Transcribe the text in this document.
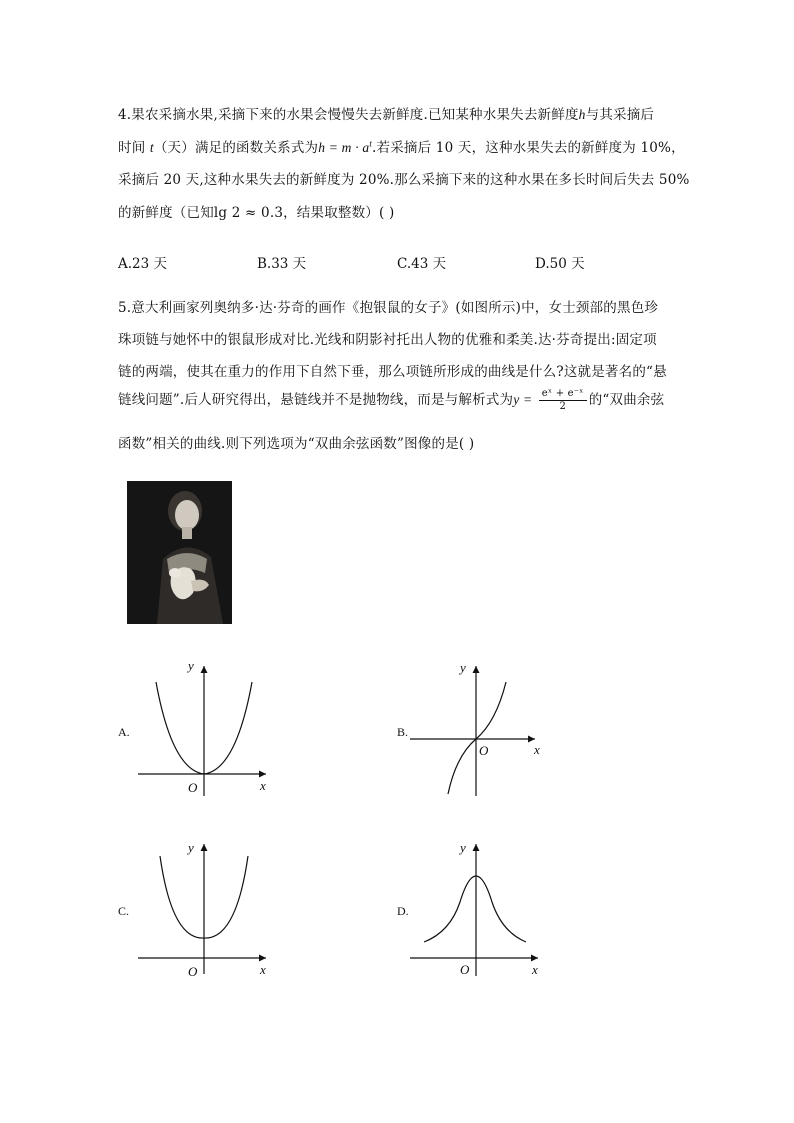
4.果农采摘水果,采摘下来的水果会慢慢失去新鲜度.已知某种水果失去新鲜度h与其采摘后
时间 t（天）满足的函数关系式为$h = m \cdot a^t$.若采摘后 10 天，这种水果失去的新鲜度为 10%，
采摘后 20 天,这种水果失去的新鲜度为 20%.那么采摘下来的这种水果在多长时间后失去 50%
的新鲜度（已知lg 2 ≈ 0.3，结果取整数）( )
A.23 天	B.33 天	C.43 天	D.50 天
5.意大利画家列奥纳多·达·芬奇的画作《抱银鼠的女子》(如图所示)中，女士颈部的黑色珍
珠项链与她怀中的银鼠形成对比.光线和阴影衬托出人物的优雅和柔美.达·芬奇提出:固定项
链的两端，使其在重力的作用下自然下垂，那么项链所形成的曲线是什么?这就是著名的“悬
链线问题”.后人研究得出，悬链线并不是抛物线，而是与解析式为$y = \frac{\text{eˣ + e⁻ˣ}}{2}$ 的“双曲余弦
函数”相关的曲线.则下列选项为“双曲余弦函数”图像的是( )
A.
y
x
O
B.
y
x
O
C.
y
x
O
D.
y
x
O
